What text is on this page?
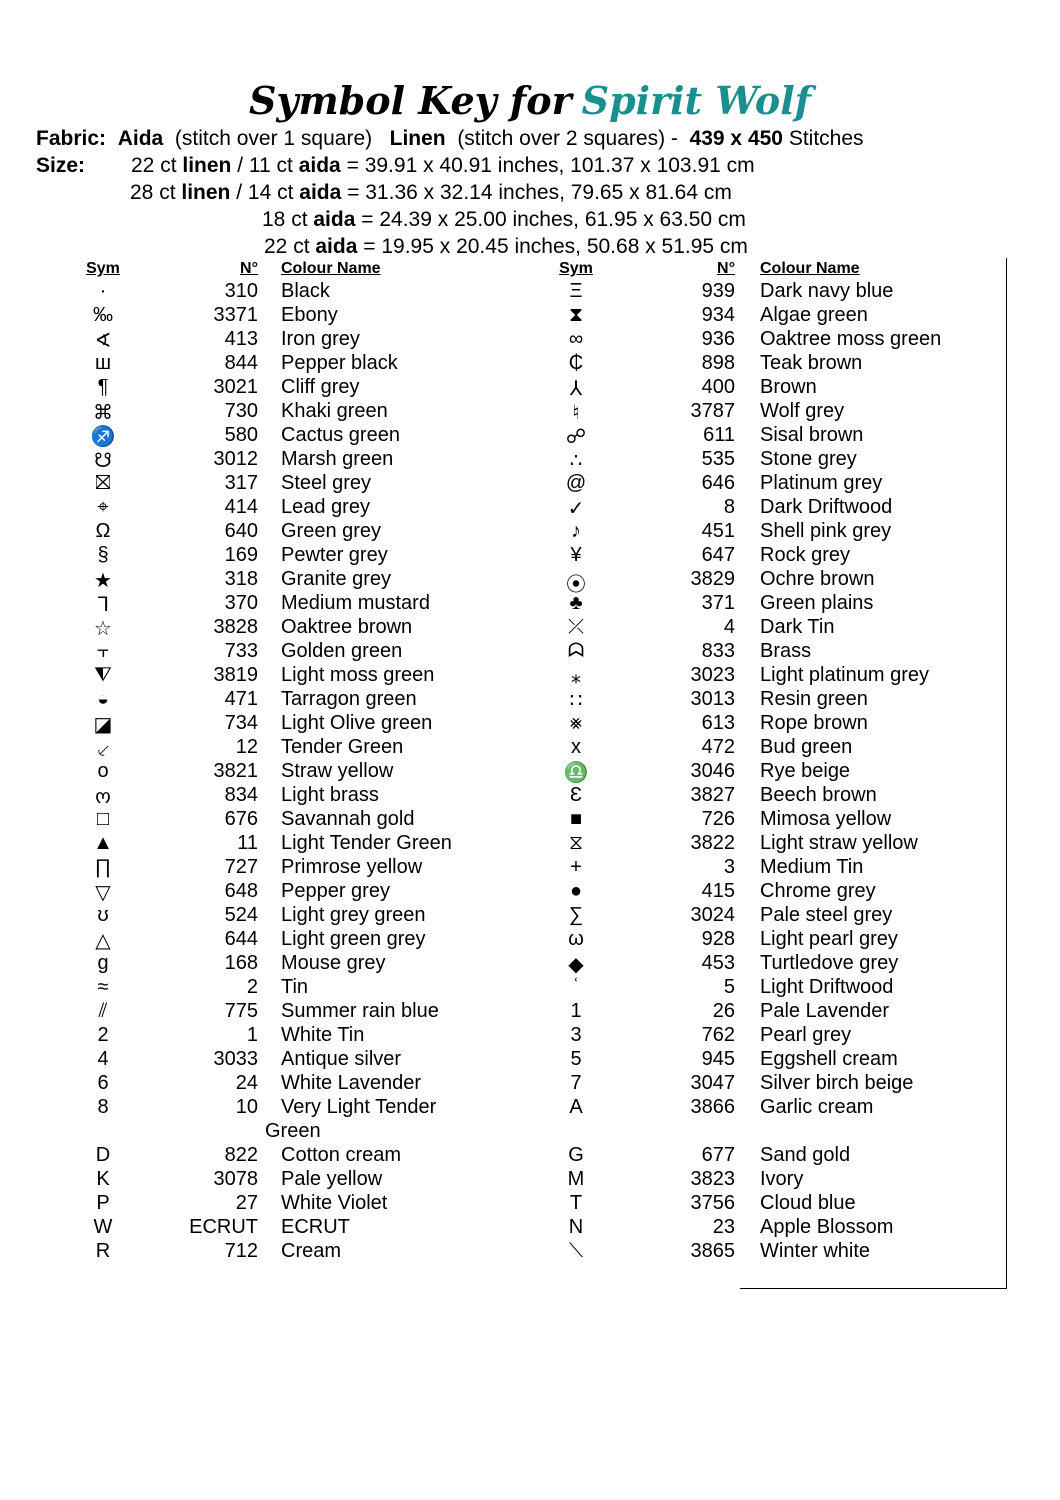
Symbol Key for Spirit Wolf
Fabric: Aida (stitch over 1 square) Linen (stitch over 2 squares) - 439 x 450 Stitches
Size: 22 ct linen / 11 ct aida = 39.91 x 40.91 inches, 101.37 x 103.91 cm
28 ct linen / 14 ct aida = 31.36 x 32.14 inches, 79.65 x 81.64 cm
18 ct aida = 24.39 x 25.00 inches, 61.95 x 63.50 cm
22 ct aida = 19.95 x 20.45 inches, 50.68 x 51.95 cm
Sym	N° Colour Name
·	310 Black
‰	3371 Ebony
∢	413 Iron grey
ш	844 Pepper black
¶	3021 Cliff grey
⌘	730 Khaki green
♐	580 Cactus green
☋	3012 Marsh green
⛝	317 Steel grey
⌖	414 Lead grey
Ω	640 Green grey
§	169 Pewter grey
★	318 Granite grey
ᒣ	370 Medium mustard
☆	3828 Oaktree brown
⫟	733 Golden green
⧨	3819 Light moss green
◒	471 Tarragon green
◪	734 Light Olive green
⸔	12 Tender Green
o	3821 Straw yellow
ო	834 Light brass
□	676 Savannah gold
▲	11 Light Tender Green
∏	727 Primrose yellow
▽	648 Pepper grey
ʊ	524 Light grey green
△	644 Light green grey
g	168 Mouse grey
≈	2 Tin
⫽	775 Summer rain blue
2	1 White Tin
4	3033 Antique silver
6	24 White Lavender
8	10 Very Light Tender
Green
D	822 Cotton cream
K	3078 Pale yellow
P	27 White Violet
W	ECRUT ECRUT
R	712 Cream
Sym	N° Colour Name
Ξ	939 Dark navy blue
⧗	934 Algae green
∞	936 Oaktree moss green
₵	898 Teak brown
⅄	400 Brown
♮	3787 Wolf grey
☍	611 Sisal brown
∴	535 Stone grey
@	646 Platinum grey
✓	8 Dark Driftwood
♪	451 Shell pink grey
¥	647 Rock grey
⦿	3829 Ochre brown
♣	371 Green plains
⤫	4 Dark Tin
ᗣ	833 Brass
⁎	3023 Light platinum grey
∷	3013 Resin green
⨳	613 Rope brown
x	472 Bud green
♎	3046 Rye beige
Ɛ	3827 Beech brown
■	726 Mimosa yellow
⧖	3822 Light straw yellow
+	3 Medium Tin
●	415 Chrome grey
∑	3024 Pale steel grey
ω	928 Light pearl grey
◆	453 Turtledove grey
ʿ	5 Light Driftwood
1	26 Pale Lavender
3	762 Pearl grey
5	945 Eggshell cream
7	3047 Silver birch beige
A	3866 Garlic cream
G	677 Sand gold
M	3823 Ivory
T	3756 Cloud blue
N	23 Apple Blossom
⟍	3865 Winter white
